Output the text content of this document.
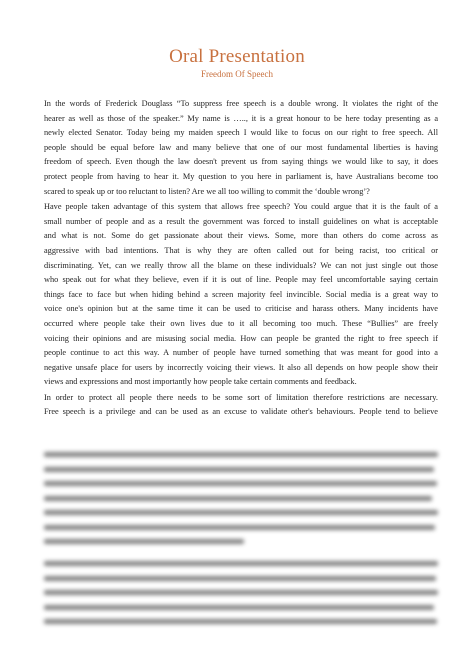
Oral Presentation
Freedom Of Speech

In the words of Frederick Douglass “To suppress free speech is a double wrong. It violates the right of the
hearer as well as those of the speaker.” My name is ….., it is a great honour to be here today presenting as a
newly elected Senator. Today being my maiden speech I would like to focus on our right to free speech. All
people should be equal before law and many believe that one of our most fundamental liberties is having
freedom of speech. Even though the law doesn't prevent us from saying things we would like to say, it does
protect people from having to hear it. My question to you here in parliament is, have Australians become too
scared to speak up or too reluctant to listen? Are we all too willing to commit the ‘double wrong’?

Have people taken advantage of this system that allows free speech? You could argue that it is the fault of a
small number of people and as a result the government was forced to install guidelines on what is acceptable
and what is not. Some do get passionate about their views. Some, more than others do come across as
aggressive with bad intentions. That is why they are often called out for being racist, too critical or
discriminating. Yet, can we really throw all the blame on these individuals? We can not just single out those
who speak out for what they believe, even if it is out of line. People may feel uncomfortable saying certain
things face to face but when hiding behind a screen majority feel invincible. Social media is a great way to
voice one's opinion but at the same time it can be used to criticise and harass others. Many incidents have
occurred where people take their own lives due to it all becoming too much. These “Bullies” are freely
voicing their opinions and are misusing social media. How can people be granted the right to free speech if
people continue to act this way. A number of people have turned something that was meant for good into a
negative unsafe place for users by incorrectly voicing their views. It also all depends on how people show their
views and expressions and most importantly how people take certain comments and feedback.

In order to protect all people there needs to be some sort of limitation therefore restrictions are necessary.
Free speech is a privilege and can be used as an excuse to validate other's behaviours. People tend to believe
